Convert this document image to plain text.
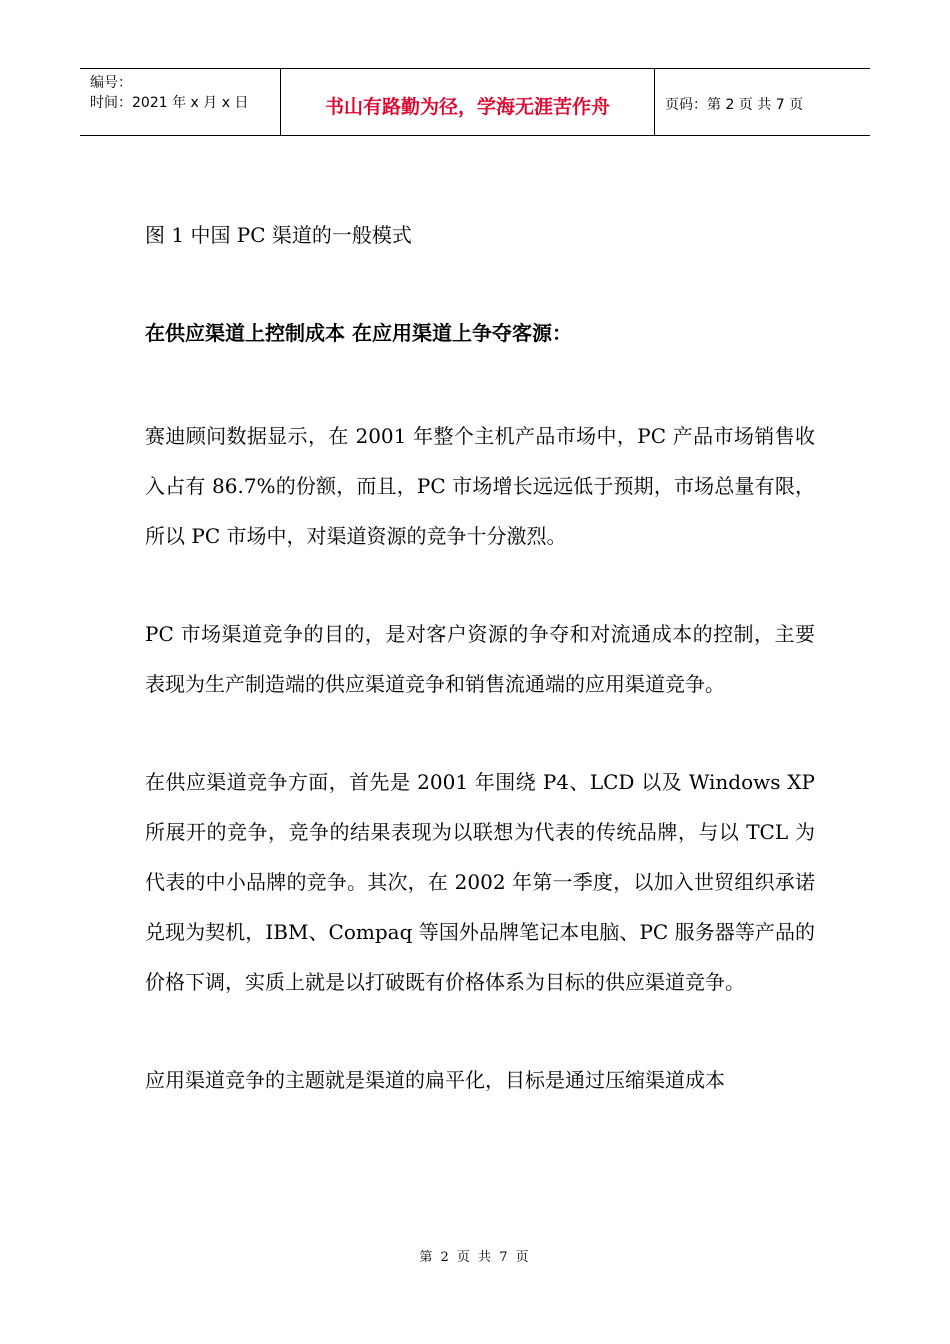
编号：
时间：2021 年 x 月 x 日	书山有路勤为径，学海无涯苦作舟	页码：第 2 页 共 7 页

图 1 中国 PC 渠道的一般模式

在供应渠道上控制成本 在应用渠道上争夺客源：

赛迪顾问数据显示，在 2001 年整个主机产品市场中，PC 产品市场销售收入占有 86.7%的份额，而且，PC 市场增长远远低于预期，市场总量有限，所以 PC 市场中，对渠道资源的竞争十分激烈。

PC 市场渠道竞争的目的，是对客户资源的争夺和对流通成本的控制，主要表现为生产制造端的供应渠道竞争和销售流通端的应用渠道竞争。

在供应渠道竞争方面，首先是 2001 年围绕 P4、LCD 以及 Windows XP 所展开的竞争，竞争的结果表现为以联想为代表的传统品牌，与以 TCL 为代表的中小品牌的竞争。其次，在 2002 年第一季度，以加入世贸组织承诺兑现为契机，IBM、Compaq 等国外品牌笔记本电脑、PC 服务器等产品的价格下调，实质上就是以打破既有价格体系为目标的供应渠道竞争。

应用渠道竞争的主题就是渠道的扁平化，目标是通过压缩渠道成本

第 2 页 共 7 页
